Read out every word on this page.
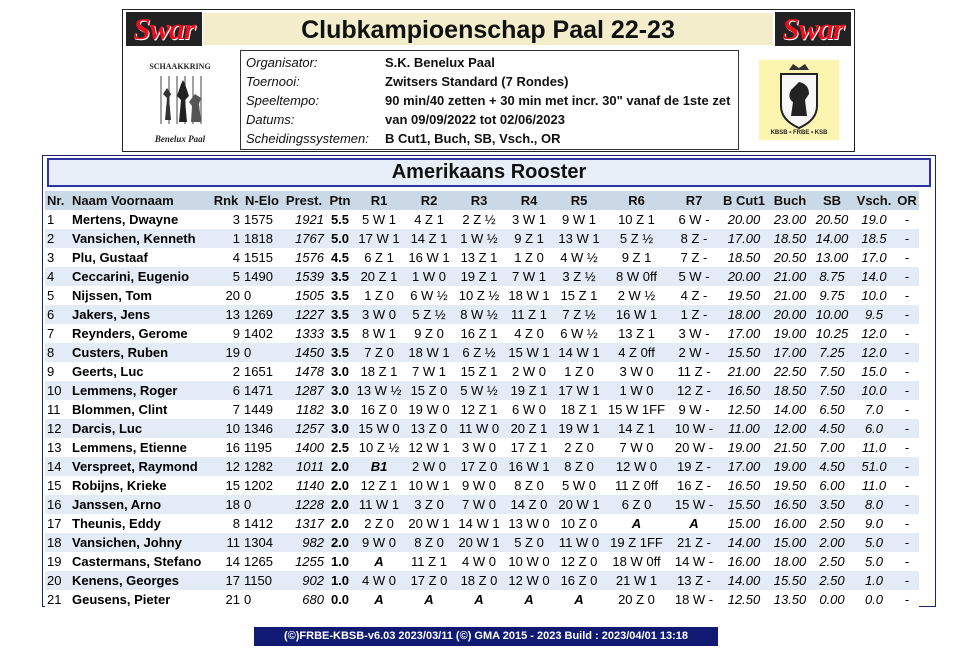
Swar	Clubkampioenschap Paal 22-23	Swar
SCHAAKKRING
Benelux Paal
Organisator:	S.K. Benelux Paal
Toernooi:	Zwitsers Standard (7 Rondes)
Speeltempo:	90 min/40 zetten + 30 min met incr. 30" vanaf de 1ste zet
Datums:	van 09/09/2022 tot 02/06/2023
Scheidingssystemen: B Cut1, Buch, SB, Vsch., OR	KBSB • FRBE • KSB
Amerikaans Rooster
Nr.	Naam Voornaam	Rnk	N-Elo	Prest.	Ptn	R1	R2	R3	R4	R5	R6	R7	B Cut1	Buch	SB	Vsch.	OR
1	Mertens, Dwayne	3	1575	1921	5.5	5 W 1	4 Z 1	2 Z ½	3 W 1	9 W 1	10 Z 1	6 W -	20.00	23.00	20.50	19.0	-
2	Vansichen, Kenneth	1	1818	1767	5.0	17 W 1	14 Z 1	1 W ½	9 Z 1	13 W 1	5 Z ½	8 Z -	17.00	18.50	14.00	18.5	-
3	Plu, Gustaaf	4	1515	1576	4.5	6 Z 1	16 W 1	13 Z 1	1 Z 0	4 W ½	9 Z 1	7 Z -	18.50	20.50	13.00	17.0	-
4	Ceccarini, Eugenio	5	1490	1539	3.5	20 Z 1	1 W 0	19 Z 1	7 W 1	3 Z ½	8 W 0ff	5 W -	20.00	21.00	8.75	14.0	-
5	Nijssen, Tom	20	0	1505	3.5	1 Z 0	6 W ½	10 Z ½	18 W 1	15 Z 1	2 W ½	4 Z -	19.50	21.00	9.75	10.0	-
6	Jakers, Jens	13	1269	1227	3.5	3 W 0	5 Z ½	8 W ½	11 Z 1	7 Z ½	16 W 1	1 Z -	18.00	20.00	10.00	9.5	-
7	Reynders, Gerome	9	1402	1333	3.5	8 W 1	9 Z 0	16 Z 1	4 Z 0	6 W ½	13 Z 1	3 W -	17.00	19.00	10.25	12.0	-
8	Custers, Ruben	19	0	1450	3.5	7 Z 0	18 W 1	6 Z ½	15 W 1	14 W 1	4 Z 0ff	2 W -	15.50	17.00	7.25	12.0	-
9	Geerts, Luc	2	1651	1478	3.0	18 Z 1	7 W 1	15 Z 1	2 W 0	1 Z 0	3 W 0	11 Z -	21.00	22.50	7.50	15.0	-
10	Lemmens, Roger	6	1471	1287	3.0	13 W ½	15 Z 0	5 W ½	19 Z 1	17 W 1	1 W 0	12 Z -	16.50	18.50	7.50	10.0	-
11	Blommen, Clint	7	1449	1182	3.0	16 Z 0	19 W 0	12 Z 1	6 W 0	18 Z 1	15 W 1FF	9 W -	12.50	14.00	6.50	7.0	-
12	Darcis, Luc	10	1346	1257	3.0	15 W 0	13 Z 0	11 W 0	20 Z 1	19 W 1	14 Z 1	10 W -	11.00	12.00	4.50	6.0	-
13	Lemmens, Etienne	16	1195	1400	2.5	10 Z ½	12 W 1	3 W 0	17 Z 1	2 Z 0	7 W 0	20 W -	19.00	21.50	7.00	11.0	-
14	Verspreet, Raymond	12	1282	1011	2.0	B1	2 W 0	17 Z 0	16 W 1	8 Z 0	12 W 0	19 Z -	17.00	19.00	4.50	51.0	-
15	Robijns, Krieke	15	1202	1140	2.0	12 Z 1	10 W 1	9 W 0	8 Z 0	5 W 0	11 Z 0ff	16 Z -	16.50	19.50	6.00	11.0	-
16	Janssen, Arno	18	0	1228	2.0	11 W 1	3 Z 0	7 W 0	14 Z 0	20 W 1	6 Z 0	15 W -	15.50	16.50	3.50	8.0	-
17	Theunis, Eddy	8	1412	1317	2.0	2 Z 0	20 W 1	14 W 1	13 W 0	10 Z 0	A	A	15.00	16.00	2.50	9.0	-
18	Vansichen, Johny	11	1304	982	2.0	9 W 0	8 Z 0	20 W 1	5 Z 0	11 W 0	19 Z 1FF	21 Z -	14.00	15.00	2.00	5.0	-
19	Castermans, Stefano	14	1265	1255	1.0	A	11 Z 1	4 W 0	10 W 0	12 Z 0	18 W 0ff	14 W -	16.00	18.00	2.50	5.0	-
20	Kenens, Georges	17	1150	902	1.0	4 W 0	17 Z 0	18 Z 0	12 W 0	16 Z 0	21 W 1	13 Z -	14.00	15.50	2.50	1.0	-
21	Geusens, Pieter	21	0	680	0.0	A	A	A	A	A	20 Z 0	18 W -	12.50	13.50	0.00	0.0	-
(©)FRBE-KBSB-v6.03 2023/03/11 (©) GMA 2015 - 2023 Build : 2023/04/01 13:18
